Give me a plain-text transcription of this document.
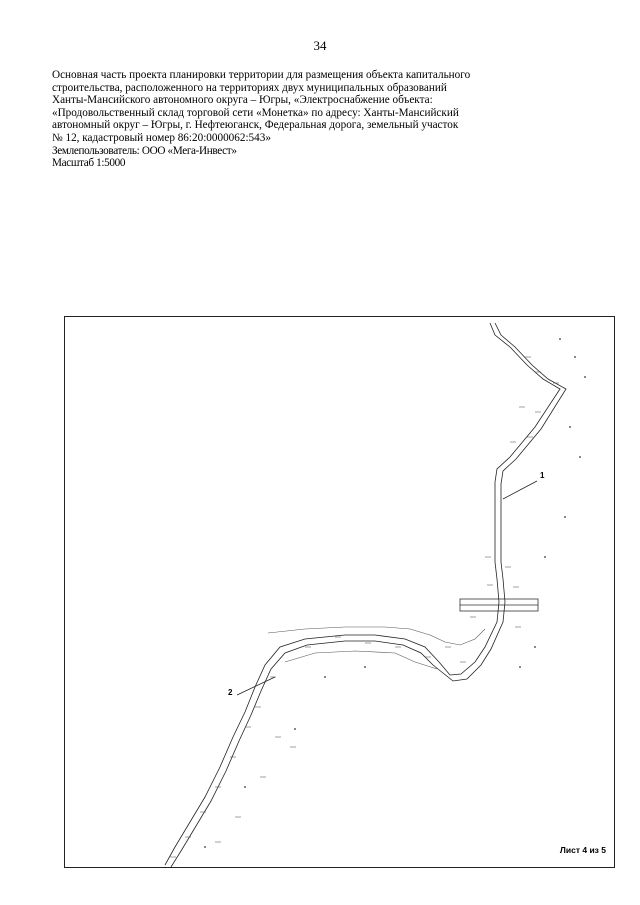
34
Основная часть проекта планировки территории для размещения объекта капитального
строительства, расположенного на территориях двух муниципальных образований
Ханты-Мансийского автономного округа – Югры, «Электроснабжение объекта:
«Продовольственный склад торговой сети «Монетка» по адресу: Ханты-Мансийский
автономный округ – Югры, г. Нефтеюганск, Федеральная дорога, земельный участок
№ 12, кадастровый номер 86:20:0000062:543»
Землепользователь: ООО «Мега-Инвест»
Масштаб 1:5000
1
2
Лист 4 из 5
